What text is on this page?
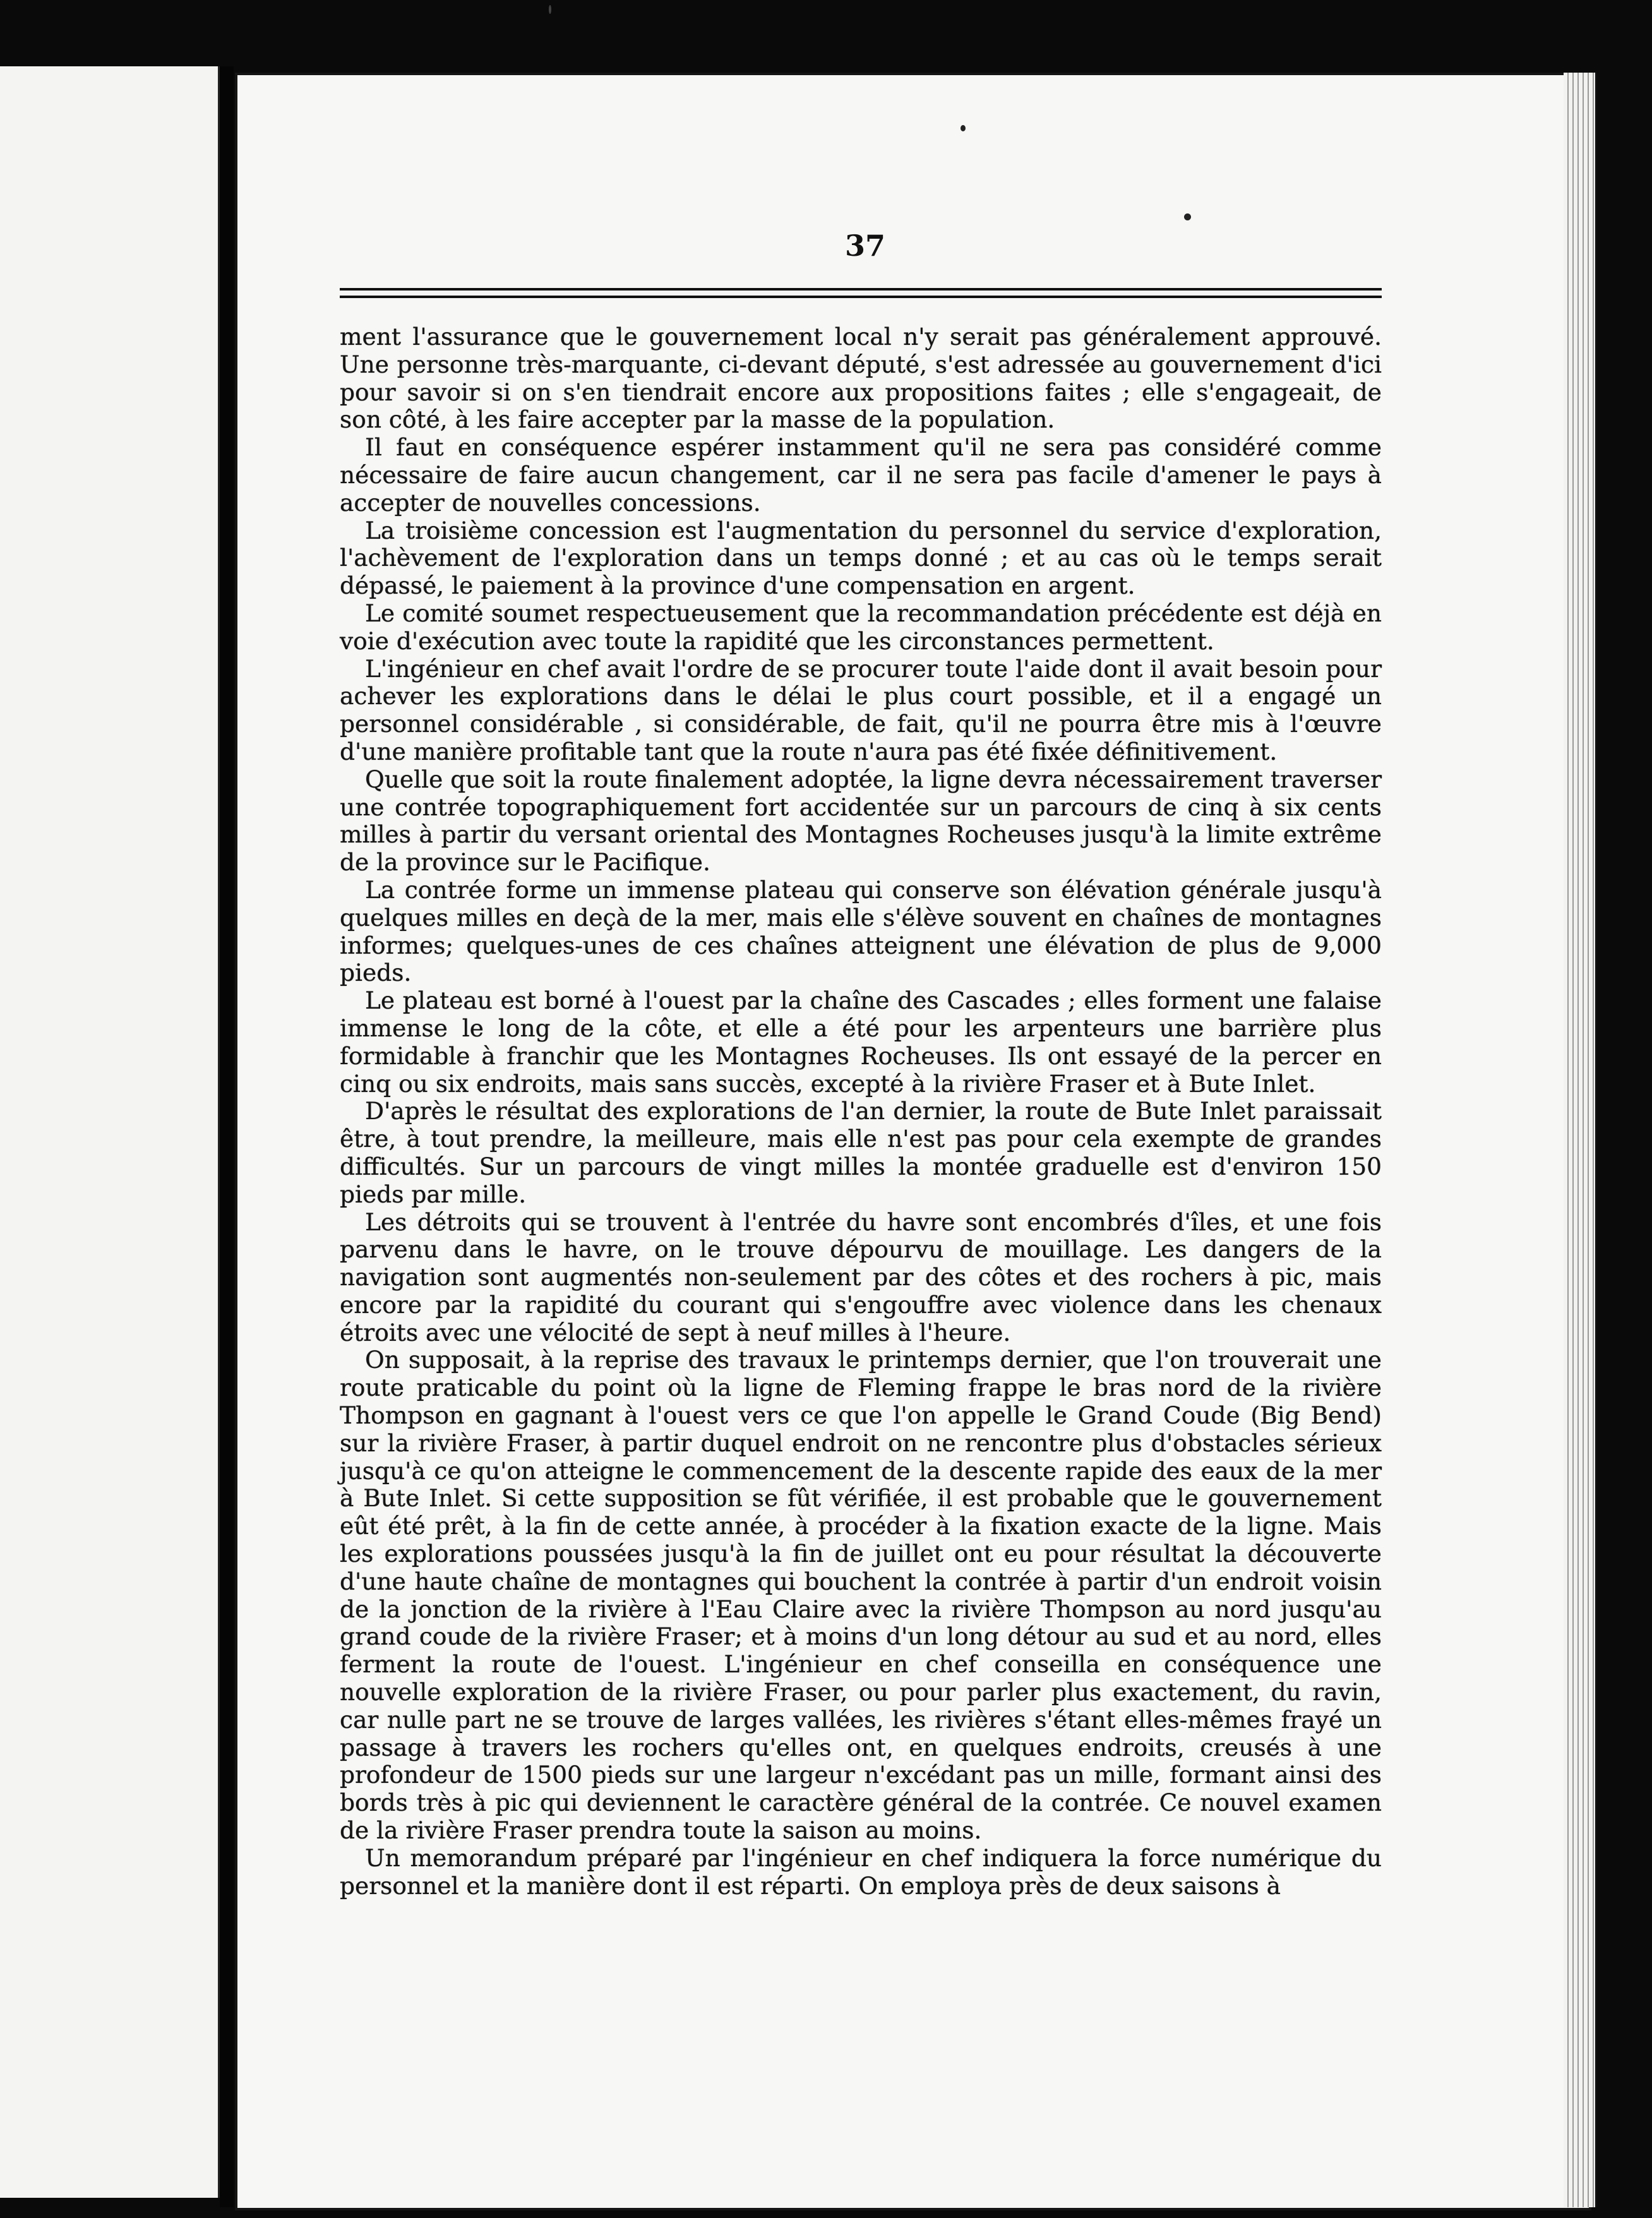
37

ment l'assurance que le gouvernement local n'y serait pas généralement approuvé. Une personne très-marquante, ci-devant député, s'est adressée au gouvernement d'ici pour savoir si on s'en tiendrait encore aux propositions faites ; elle s'engageait, de son côté, à les faire accepter par la masse de la population.

Il faut en conséquence espérer instamment qu'il ne sera pas considéré comme nécessaire de faire aucun changement, car il ne sera pas facile d'amener le pays à accepter de nouvelles concessions.

La troisième concession est l'augmentation du personnel du service d'exploration, l'achèvement de l'exploration dans un temps donné ; et au cas où le temps serait dépassé, le paiement à la province d'une compensation en argent.

Le comité soumet respectueusement que la recommandation précédente est déjà en voie d'exécution avec toute la rapidité que les circonstances permettent.

L'ingénieur en chef avait l'ordre de se procurer toute l'aide dont il avait besoin pour achever les explorations dans le délai le plus court possible, et il a engagé un personnel considérable , si considérable, de fait, qu'il ne pourra être mis à l'œuvre d'une manière profitable tant que la route n'aura pas été fixée définitivement.

Quelle que soit la route finalement adoptée, la ligne devra nécessairement traverser une contrée topographiquement fort accidentée sur un parcours de cinq à six cents milles à partir du versant oriental des Montagnes Rocheuses jusqu'à la limite extrême de la province sur le Pacifique.

La contrée forme un immense plateau qui conserve son élévation générale jusqu'à quelques milles en deçà de la mer, mais elle s'élève souvent en chaînes de montagnes informes; quelques-unes de ces chaînes atteignent une élévation de plus de 9,000 pieds.

Le plateau est borné à l'ouest par la chaîne des Cascades ; elles forment une falaise immense le long de la côte, et elle a été pour les arpenteurs une barrière plus formidable à franchir que les Montagnes Rocheuses. Ils ont essayé de la percer en cinq ou six endroits, mais sans succès, excepté à la rivière Fraser et à Bute Inlet.

D'après le résultat des explorations de l'an dernier, la route de Bute Inlet paraissait être, à tout prendre, la meilleure, mais elle n'est pas pour cela exempte de grandes difficultés. Sur un parcours de vingt milles la montée graduelle est d'environ 150 pieds par mille.

Les détroits qui se trouvent à l'entrée du havre sont encombrés d'îles, et une fois parvenu dans le havre, on le trouve dépourvu de mouillage. Les dangers de la navigation sont augmentés non-seulement par des côtes et des rochers à pic, mais encore par la rapidité du courant qui s'engouffre avec violence dans les chenaux étroits avec une vélocité de sept à neuf milles à l'heure.

On supposait, à la reprise des travaux le printemps dernier, que l'on trouverait une route praticable du point où la ligne de Fleming frappe le bras nord de la rivière Thompson en gagnant à l'ouest vers ce que l'on appelle le Grand Coude (Big Bend) sur la rivière Fraser, à partir duquel endroit on ne rencontre plus d'obstacles sérieux jusqu'à ce qu'on atteigne le commencement de la descente rapide des eaux de la mer à Bute Inlet. Si cette supposition se fût vérifiée, il est probable que le gouvernement eût été prêt, à la fin de cette année, à procéder à la fixation exacte de la ligne. Mais les explorations poussées jusqu'à la fin de juillet ont eu pour résultat la découverte d'une haute chaîne de montagnes qui bouchent la contrée à partir d'un endroit voisin de la jonction de la rivière à l'Eau Claire avec la rivière Thompson au nord jusqu'au grand coude de la rivière Fraser; et à moins d'un long détour au sud et au nord, elles ferment la route de l'ouest. L'ingénieur en chef conseilla en conséquence une nouvelle exploration de la rivière Fraser, ou pour parler plus exactement, du ravin, car nulle part ne se trouve de larges vallées, les rivières s'étant elles-mêmes frayé un passage à travers les rochers qu'elles ont, en quelques endroits, creusés à une profondeur de 1500 pieds sur une largeur n'excédant pas un mille, formant ainsi des bords très à pic qui deviennent le caractère général de la contrée. Ce nouvel examen de la rivière Fraser prendra toute la saison au moins.

Un memorandum préparé par l'ingénieur en chef indiquera la force numérique du personnel et la manière dont il est réparti. On employa près de deux saisons à
